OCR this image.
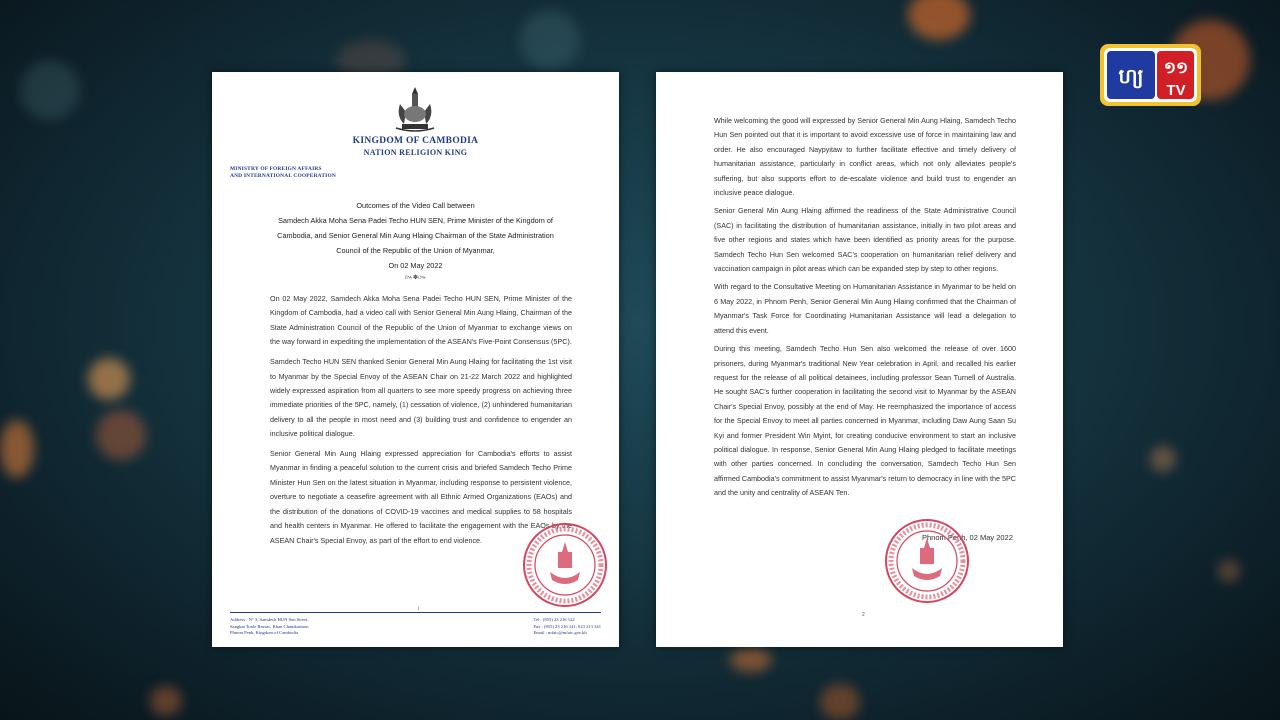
KINGDOM OF CAMBODIA
NATION RELIGION KING
MINISTRY OF FOREIGN AFFAIRS
AND INTERNATIONAL COOPERATION
Outcomes of the Video Call between
Samdech Akka Moha Sena Padei Techo HUN SEN, Prime Minister of the Kingdom of
Cambodia, and Senior General Min Aung Hlaing Chairman of the State Administration
Council of the Republic of the Union of Myanmar,
On 02 May 2022
៚✽៚

On 02 May 2022, Samdech Akka Moha Sena Padei Techo HUN SEN, Prime Minister of the Kingdom of Cambodia, had a video call with Senior General Min Aung Hlaing, Chairman of the State Administration Council of the Republic of the Union of Myanmar to exchange views on the way forward in expediting the implementation of the ASEAN's Five-Point Consensus (5PC).

Samdech Techo HUN SEN thanked Senior General Min Aung Hlaing for facilitating the 1st visit to Myanmar by the Special Envoy of the ASEAN Chair on 21-22 March 2022 and highlighted widely expressed aspiration from all quarters to see more speedy progress on achieving three immediate priorities of the 5PC, namely, (1) cessation of violence, (2) unhindered humanitarian delivery to all the people in most need and (3) building trust and confidence to engender an inclusive political dialogue.

Senior General Min Aung Hlaing expressed appreciation for Cambodia's efforts to assist Myanmar in finding a peaceful solution to the current crisis and briefed Samdech Techo Prime Minister Hun Sen on the latest situation in Myanmar, including response to persistent violence, overture to negotiate a ceasefire agreement with all Ethnic Armed Organizations (EAOs) and the distribution of the donations of COVID-19 vaccines and medical supplies to 58 hospitals and health centers in Myanmar. He offered to facilitate the engagement with the EAOs by the ASEAN Chair's Special Envoy, as part of the effort to end violence.

1
Address : N° 3, Samdech HUN Sen Street,
Sangkat Tonle Bassac, Khan Chamkarmon
Phnom Penh, Kingdom of Cambodia
Tel : (855) 23 216 122
Fax : (855) 23 216 141, 023 213 341
Email : mfaic@mfaic.gov.kh

While welcoming the good will expressed by Senior General Min Aung Hlaing, Samdech Techo Hun Sen pointed out that it is important to avoid excessive use of force in maintaining law and order. He also encouraged Naypyitaw to further facilitate effective and timely delivery of humanitarian assistance, particularly in conflict areas, which not only alleviates people's suffering, but also supports effort to de-escalate violence and build trust to engender an inclusive peace dialogue.

Senior General Min Aung Hlaing affirmed the readiness of the State Administrative Council (SAC) in facilitating the distribution of humanitarian assistance, initially in two pilot areas and five other regions and states which have been identified as priority areas for the purpose. Samdech Techo Hun Sen welcomed SAC's cooperation on humanitarian relief delivery and vaccination campaign in pilot areas which can be expanded step by step to other regions.

With regard to the Consultative Meeting on Humanitarian Assistance in Myanmar to be held on 6 May 2022, in Phnom Penh, Senior General Min Aung Hlaing confirmed that the Chairman of Myanmar's Task Force for Coordinating Humanitarian Assistance will lead a delegation to attend this event.

During this meeting, Samdech Techo Hun Sen also welcomed the release of over 1600 prisoners, during Myanmar's traditional New Year celebration in April, and recalled his earlier request for the release of all political detainees, including professor Sean Turnell of Australia. He sought SAC's further cooperation in facilitating the second visit to Myanmar by the ASEAN Chair's Special Envoy, possibly at the end of May. He reemphasized the importance of access for the Special Envoy to meet all parties concerned in Myanmar, including Daw Aung Saan Su Kyi and former President Win Myint, for creating conducive environment to start an inclusive political dialogue. In response, Senior General Min Aung Hlaing pledged to facilitate meetings with other parties concerned. In concluding the conversation, Samdech Techo Hun Sen affirmed Cambodia's commitment to assist Myanmar's return to democracy in line with the 5PC and the unity and centrality of ASEAN Ten.

Phnom Penh, 02 May 2022
2
ហ្យ ១១
TV
